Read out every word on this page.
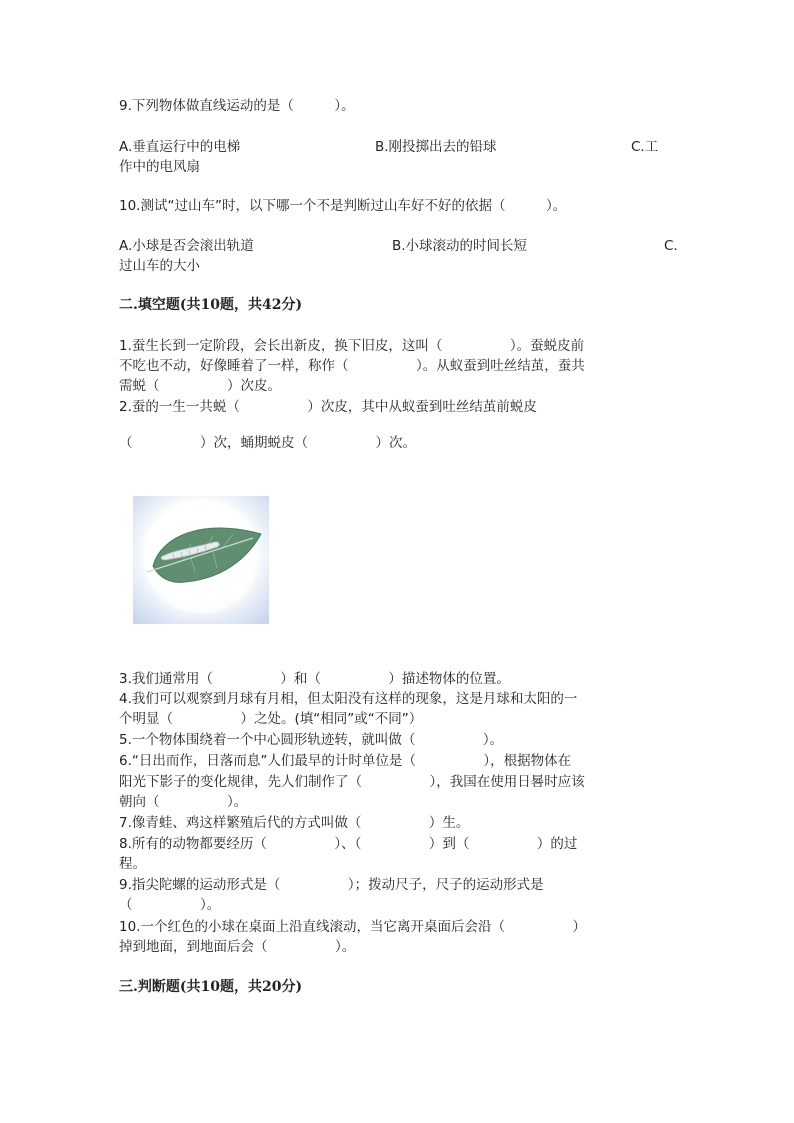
9.下列物体做直线运动的是（　　　）。
A.垂直运行中的电梯	B.刚投掷出去的铅球	C.工
作中的电风扇
10.测试“过山车”时，以下哪一个不是判断过山车好不好的依据（　　　）。
A.小球是否会滚出轨道	B.小球滚动的时间长短	C.
过山车的大小
二.填空题(共10题，共42分)
1.蚕生长到一定阶段，会长出新皮，换下旧皮，这叫（　　　　　）。蚕蜕皮前
不吃也不动，好像睡着了一样，称作（　　　　　）。从蚁蚕到吐丝结茧，蚕共
需蜕（　　　　　）次皮。
2.蚕的一生一共蜕（　　　　　）次皮，其中从蚁蚕到吐丝结茧前蜕皮
（　　　　　）次，蛹期蜕皮（　　　　　）次。
3.我们通常用（　　　　　）和（　　　　　）描述物体的位置。
4.我们可以观察到月球有月相，但太阳没有这样的现象，这是月球和太阳的一
个明显（　　　　　）之处。(填“相同”或“不同”）
5.一个物体围绕着一个中心圆形轨迹转，就叫做（　　　　　）。
6.“日出而作，日落而息”人们最早的计时单位是（　　　　　），根据物体在
阳光下影子的变化规律，先人们制作了（　　　　　），我国在使用日晷时应该
朝向（　　　　　）。
7.像青蛙、鸡这样繁殖后代的方式叫做（　　　　　）生。
8.所有的动物都要经历（　　　　　）、（　　　　　）到（　　　　　）的过
程。
9.指尖陀螺的运动形式是（　　　　　）；拨动尺子，尺子的运动形式是
（　　　　　）。
10.一个红色的小球在桌面上沿直线滚动，当它离开桌面后会沿（　　　　　）
掉到地面，到地面后会（　　　　　）。
三.判断题(共10题，共20分)
